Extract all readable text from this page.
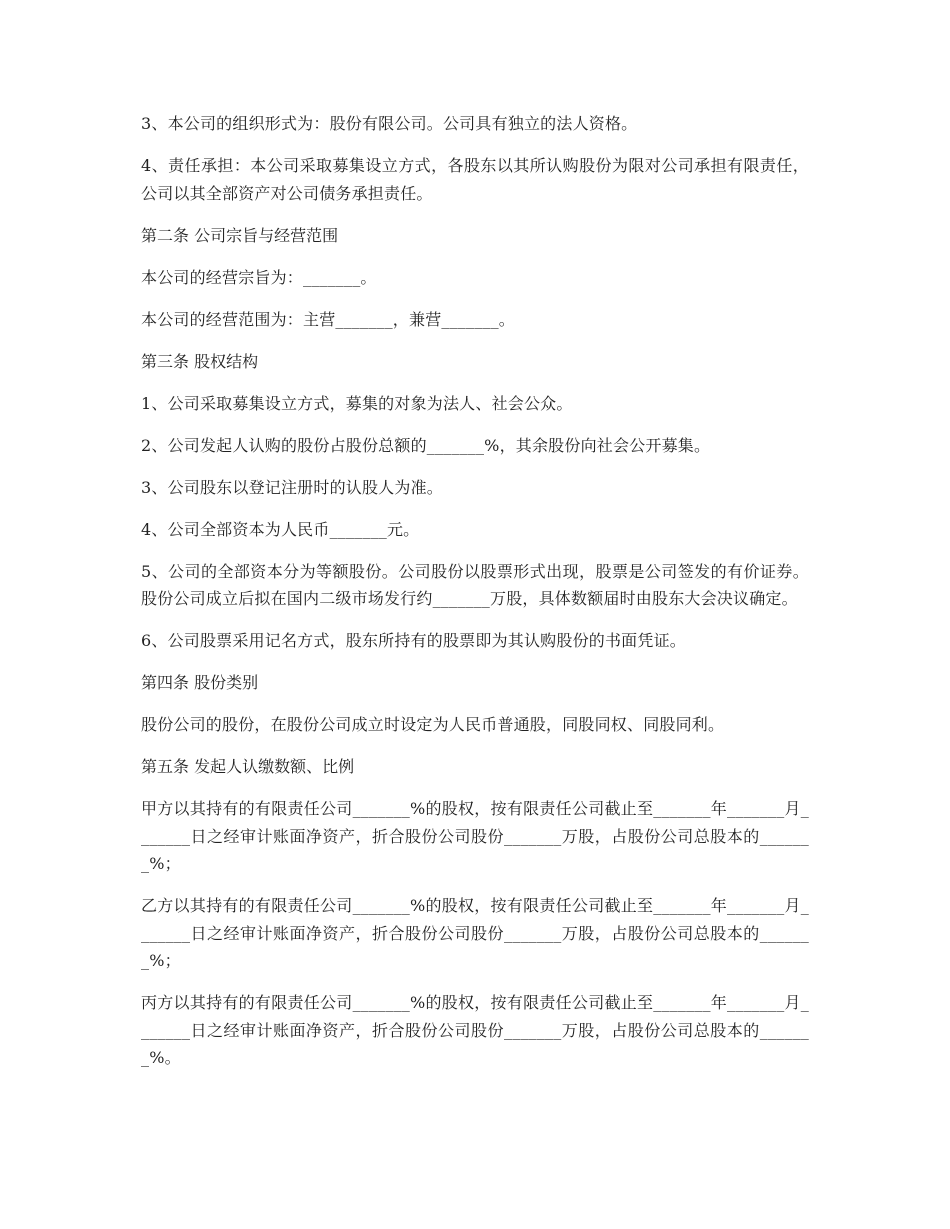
3、本公司的组织形式为：股份有限公司。公司具有独立的法人资格。

4、责任承担：本公司采取募集设立方式，各股东以其所认购股份为限对公司承担有限责任，公司以其全部资产对公司债务承担责任。

第二条 公司宗旨与经营范围

本公司的经营宗旨为：_______。

本公司的经营范围为：主营_______，兼营_______。

第三条 股权结构

1、公司采取募集设立方式，募集的对象为法人、社会公众。

2、公司发起人认购的股份占股份总额的_______%，其余股份向社会公开募集。

3、公司股东以登记注册时的认股人为准。

4、公司全部资本为人民币_______元。

5、公司的全部资本分为等额股份。公司股份以股票形式出现，股票是公司签发的有价证券。股份公司成立后拟在国内二级市场发行约_______万股，具体数额届时由股东大会决议确定。

6、公司股票采用记名方式，股东所持有的股票即为其认购股份的书面凭证。

第四条 股份类别

股份公司的股份，在股份公司成立时设定为人民币普通股，同股同权、同股同利。

第五条 发起人认缴数额、比例

甲方以其持有的有限责任公司_______%的股权，按有限责任公司截止至_______年_______月_______日之经审计账面净资产，折合股份公司股份_______万股，占股份公司总股本的_______%；

乙方以其持有的有限责任公司_______%的股权，按有限责任公司截止至_______年_______月_______日之经审计账面净资产，折合股份公司股份_______万股，占股份公司总股本的_______%；

丙方以其持有的有限责任公司_______%的股权，按有限责任公司截止至_______年_______月_______日之经审计账面净资产，折合股份公司股份_______万股，占股份公司总股本的_______%。
